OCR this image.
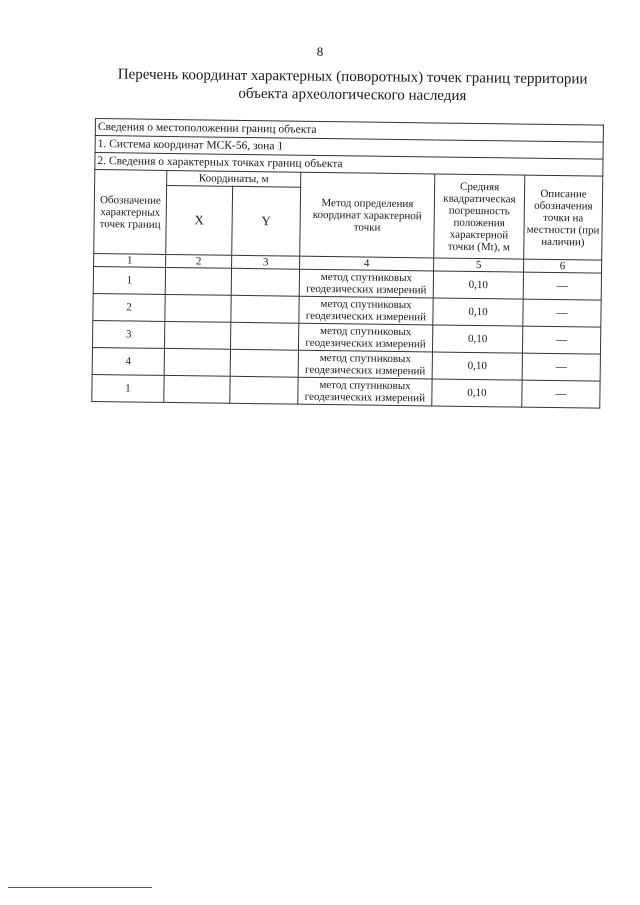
8
Перечень координат характерных (поворотных) точек границ территории объекта археологического наследия
Сведения о местоположении границ объекта					
1. Система координат МСК-56, зона 1					
2. Сведения о характерных точках границ объекта					
Обозначение характерных точек границ	Координаты, м		Метод определения координат характерной точки	Средняя квадратическая погрешность положения характерной точки (Mt), м	Описание обозначения точки на местности (при наличии)
	X	Y			
1	2	3	4	5	6
1			метод спутниковых геодезических измерений	0,10	—
2			метод спутниковых геодезических измерений	0,10	—
3			метод спутниковых геодезических измерений	0,10	—
4			метод спутниковых геодезических измерений	0,10	—
1			метод спутниковых геодезических измерений	0,10	—
